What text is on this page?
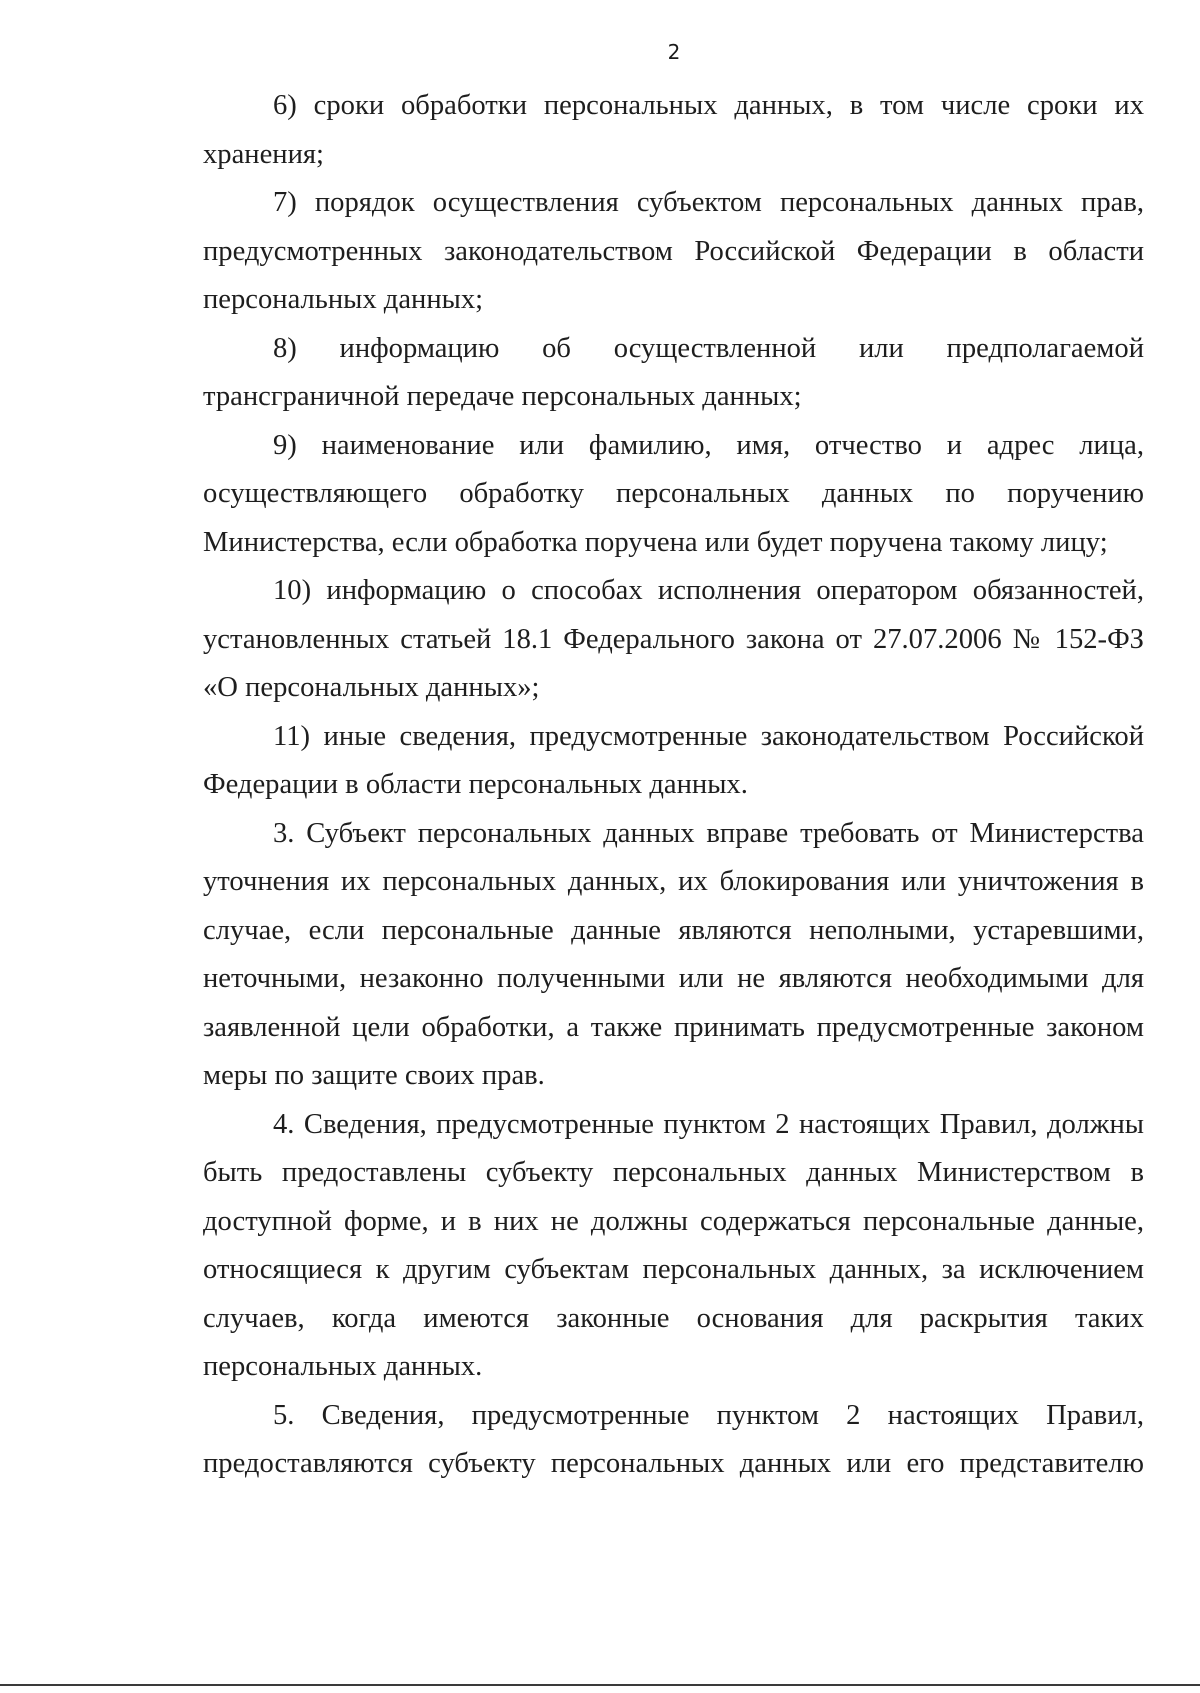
2

6) сроки обработки персональных данных, в том числе сроки их хранения;

7) порядок осуществления субъектом персональных данных прав, предусмотренных законодательством Российской Федерации в области персональных данных;

8) информацию об осуществленной или предполагаемой трансграничной передаче персональных данных;

9) наименование или фамилию, имя, отчество и адрес лица, осуществляющего обработку персональных данных по поручению Министерства, если обработка поручена или будет поручена такому лицу;

10) информацию о способах исполнения оператором обязанностей, установленных статьей 18.1 Федерального закона от 27.07.2006 № 152-ФЗ «О персональных данных»;

11) иные сведения, предусмотренные законодательством Российской Федерации в области персональных данных.

3. Субъект персональных данных вправе требовать от Министерства уточнения их персональных данных, их блокирования или уничтожения в случае, если персональные данные являются неполными, устаревшими, неточными, незаконно полученными или не являются необходимыми для заявленной цели обработки, а также принимать предусмотренные законом меры по защите своих прав.

4. Сведения, предусмотренные пунктом 2 настоящих Правил, должны быть предоставлены субъекту персональных данных Министерством в доступной форме, и в них не должны содержаться персональные данные, относящиеся к другим субъектам персональных данных, за исключением случаев, когда имеются законные основания для раскрытия таких персональных данных.

5. Сведения, предусмотренные пунктом 2 настоящих Правил, предоставляются субъекту персональных данных или его представителю
